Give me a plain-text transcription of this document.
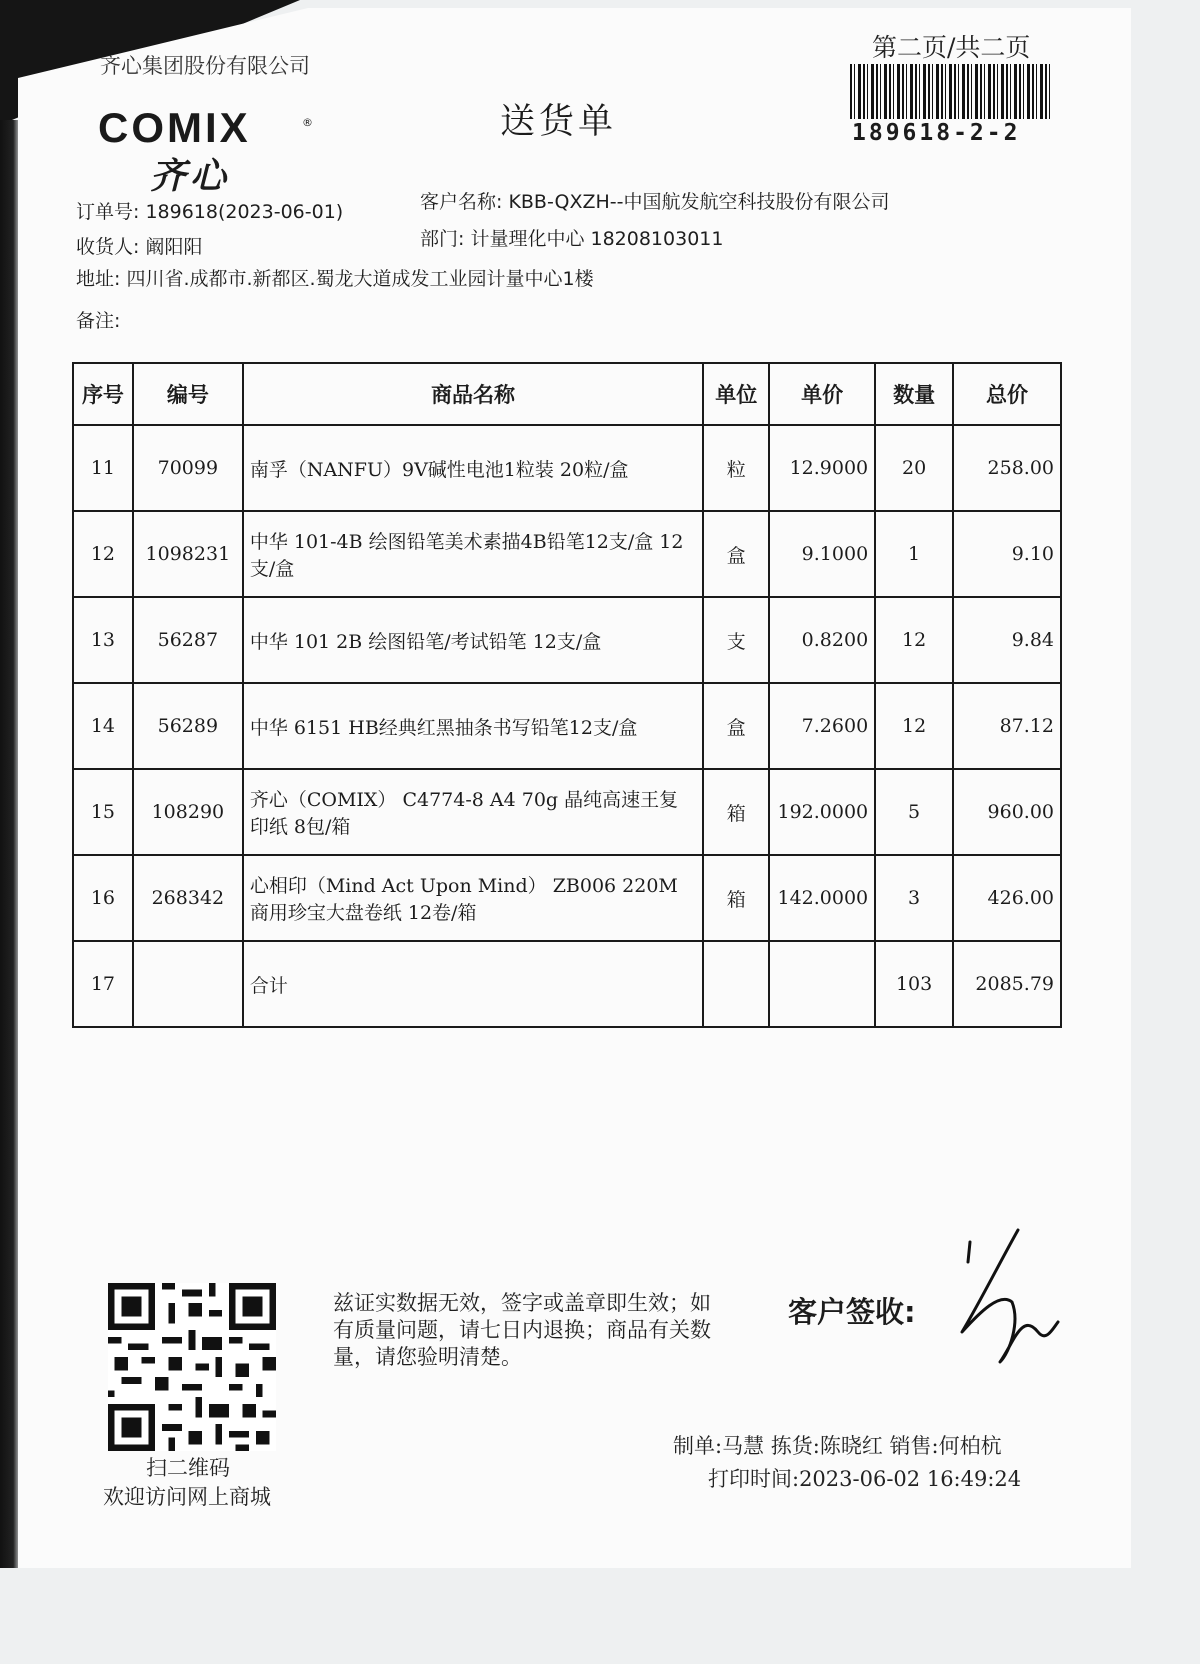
齐心集团股份有限公司
第二页/共二页
189618-2-2
COMIX	®
齐心
送货单
订单号: 189618(2023-06-01)	客户名称: KBB-QXZH--中国航发航空科技股份有限公司
收货人: 阚阳阳	部门: 计量理化中心 18208103011
地址: 四川省.成都市.新都区.蜀龙大道成发工业园计量中心1楼
备注:
序号	编号	商品名称	单位	单价	数量	总价
11	70099	南孚（NANFU）9V碱性电池1粒装 20粒/盒	粒	12.9000	20	258.00
12	1098231	中华 101-4B 绘图铅笔美术素描4B铅笔12支/盒 12支/盒	盒	9.1000	1	9.10
13	56287	中华 101 2B 绘图铅笔/考试铅笔 12支/盒	支	0.8200	12	9.84
14	56289	中华 6151 HB经典红黑抽条书写铅笔12支/盒	盒	7.2600	12	87.12
15	108290	齐心（COMIX） C4774-8 A4 70g 晶纯高速王复印纸 8包/箱	箱	192.0000	5	960.00
16	268342	心相印（Mind Act Upon Mind） ZB006 220M 商用珍宝大盘卷纸 12卷/箱	箱	142.0000	3	426.00
17		合计			103	2085.79
扫二维码
欢迎访问网上商城
兹证实数据无效，签字或盖章即生效；如有质量问题，请七日内退换；商品有关数量，请您验明清楚。
客户签收:
制单:马慧 拣货:陈晓红 销售:何柏杭
打印时间:2023-06-02 16:49:24
